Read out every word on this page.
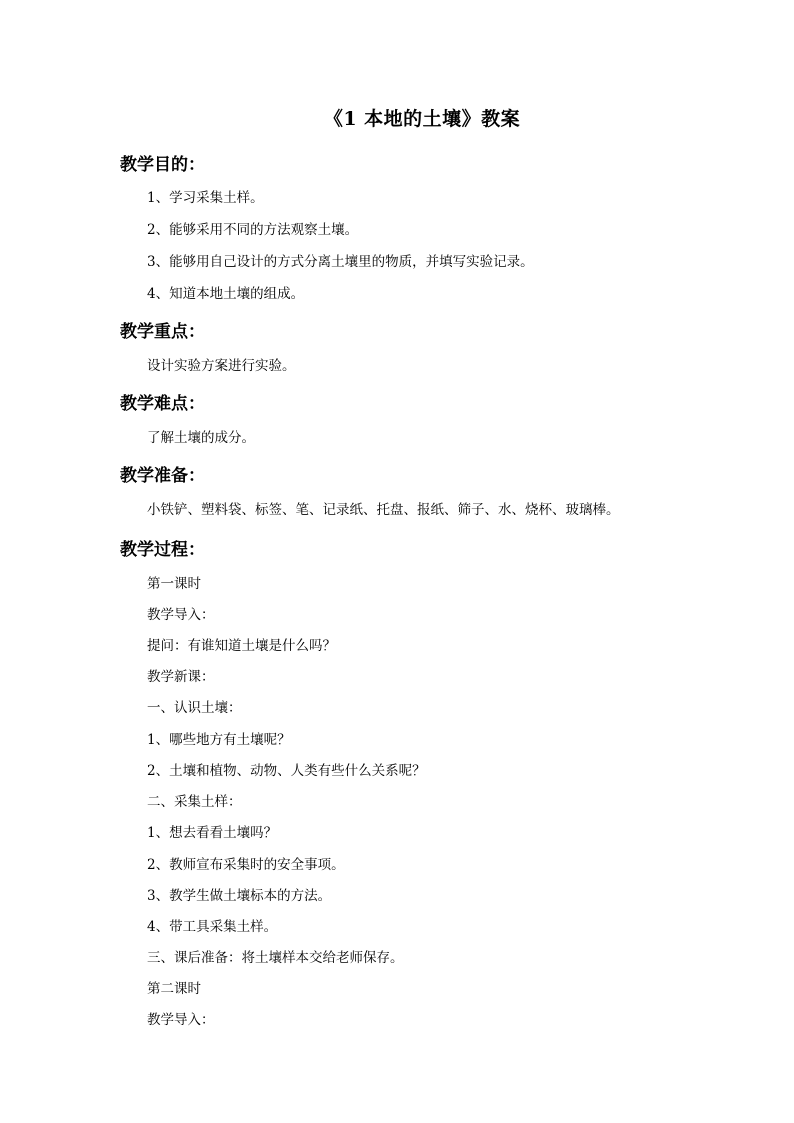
《1 本地的土壤》教案
教学目的：
1、学习采集土样。
2、能够采用不同的方法观察土壤。
3、能够用自己设计的方式分离土壤里的物质，并填写实验记录。
4、知道本地土壤的组成。
教学重点：
设计实验方案进行实验。
教学难点：
了解土壤的成分。
教学准备：
小铁铲、塑料袋、标签、笔、记录纸、托盘、报纸、筛子、水、烧杯、玻璃棒。
教学过程：
第一课时
教学导入：
提问：有谁知道土壤是什么吗？
教学新课：
一、认识土壤：
1、哪些地方有土壤呢？
2、土壤和植物、动物、人类有些什么关系呢？
二、采集土样：
1、想去看看土壤吗？
2、教师宣布采集时的安全事项。
3、教学生做土壤标本的方法。
4、带工具采集土样。
三、课后准备：将土壤样本交给老师保存。
第二课时
教学导入：
